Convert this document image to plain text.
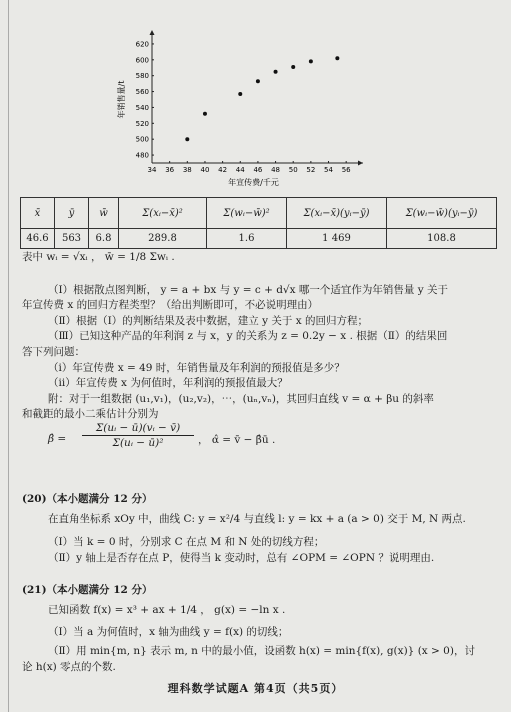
34 36 38 40 42 44 46 48 50 52 54 56
480
500
520
540
560
580
600
620
年宣传费/千元
年销售量/t
x̄	ȳ	w̄	Σ(xᵢ−x̄)²	Σ(wᵢ−w̄)²	Σ(xᵢ−x̄)(yᵢ−ȳ)	Σ(wᵢ−w̄)(yᵢ−ȳ)
46.6	563	6.8	289.8	1.6	1 469	108.8
表中 wᵢ = √xᵢ ， w̄ = 1/8 Σwᵢ .
（Ⅰ）根据散点图判断， y = a + bx 与 y = c + d√x 哪一个适宜作为年销售量 y 关于
年宣传费 x 的回归方程类型？（给出判断即可，不必说明理由）
（Ⅱ）根据（Ⅰ）的判断结果及表中数据，建立 y 关于 x 的回归方程；
（Ⅲ）已知这种产品的年利润 z 与 x，y 的关系为 z = 0.2y − x . 根据（Ⅱ）的结果回
答下列问题：
（ⅰ）年宣传费 x = 49 时，年销售量及年利润的预报值是多少？
（ⅱ）年宣传费 x 为何值时，年利润的预报值最大？
附：对于一组数据 (u₁,v₁)，(u₂,v₂)，⋯，(uₙ,vₙ)，其回归直线 v = α + βu 的斜率
和截距的最小二乘估计分别为
β̂ =
Σ(uᵢ − ū)(vᵢ − v̄)
Σ(uᵢ − ū)²	， α̂ = v̄ − β̂ū .
(20)（本小题满分 12 分）
在直角坐标系 xOy 中，曲线 C: y = x²/4 与直线 l: y = kx + a (a > 0) 交于 M, N 两点.
（Ⅰ）当 k = 0 时，分别求 C 在点 M 和 N 处的切线方程；
（Ⅱ）y 轴上是否存在点 P，使得当 k 变动时，总有 ∠OPM = ∠OPN ？说明理由.
(21)（本小题满分 12 分）
已知函数 f(x) = x³ + ax + 1/4 ， g(x) = −ln x .
（Ⅰ）当 a 为何值时，x 轴为曲线 y = f(x) 的切线；
（Ⅱ）用 min{m, n} 表示 m, n 中的最小值，设函数 h(x) = min{f(x), g(x)} (x > 0)，讨
论 h(x) 零点的个数.
理科数学试题A 第4页（共5页）
